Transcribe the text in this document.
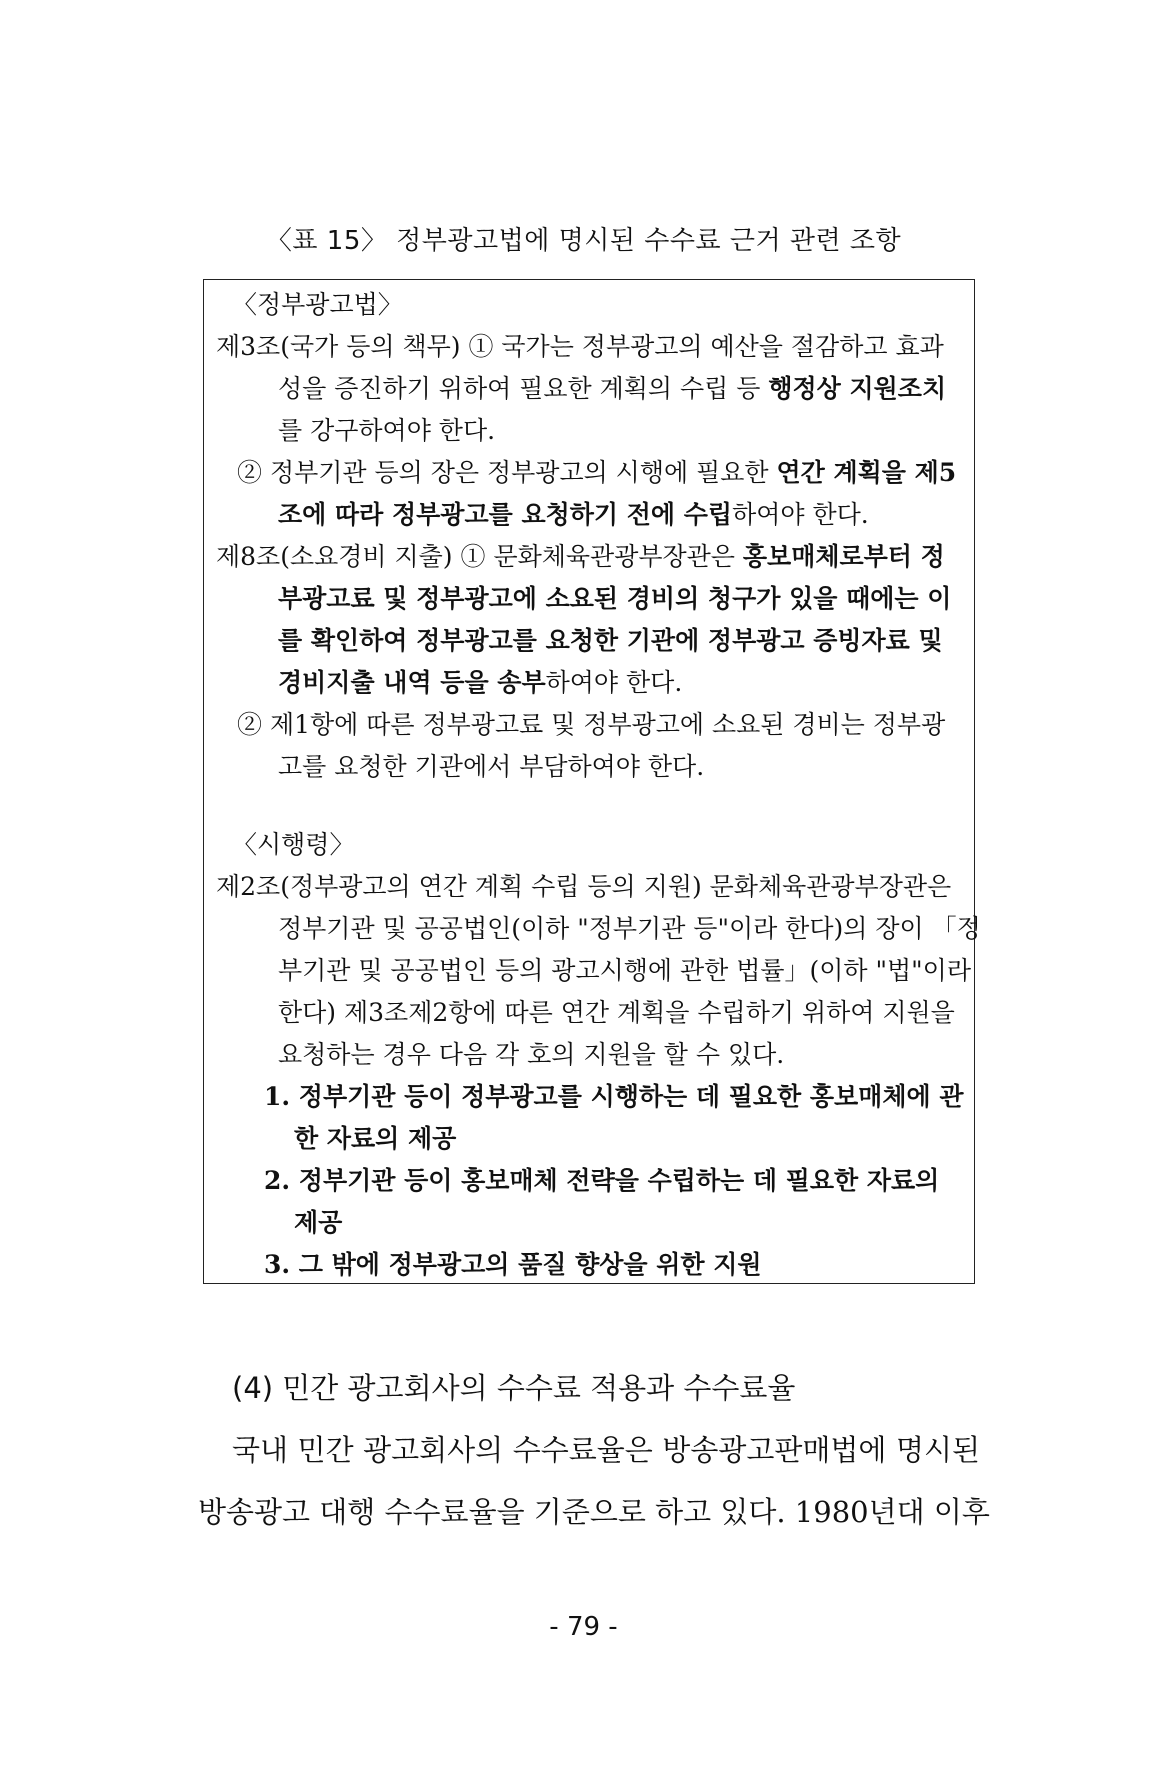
〈표 15〉 정부광고법에 명시된 수수료 근거 관련 조항
〈정부광고법〉
제3조(국가 등의 책무) ① 국가는 정부광고의 예산을 절감하고 효과
성을 증진하기 위하여 필요한 계획의 수립 등 행정상 지원조치
를 강구하여야 한다.
② 정부기관 등의 장은 정부광고의 시행에 필요한 연간 계획을 제5
조에 따라 정부광고를 요청하기 전에 수립하여야 한다.
제8조(소요경비 지출) ① 문화체육관광부장관은 홍보매체로부터 정
부광고료 및 정부광고에 소요된 경비의 청구가 있을 때에는 이
를 확인하여 정부광고를 요청한 기관에 정부광고 증빙자료 및
경비지출 내역 등을 송부하여야 한다.
② 제1항에 따른 정부광고료 및 정부광고에 소요된 경비는 정부광
고를 요청한 기관에서 부담하여야 한다.
〈시행령〉
제2조(정부광고의 연간 계획 수립 등의 지원) 문화체육관광부장관은
정부기관 및 공공법인(이하 "정부기관 등"이라 한다)의 장이 「정
부기관 및 공공법인 등의 광고시행에 관한 법률」(이하 "법"이라
한다) 제3조제2항에 따른 연간 계획을 수립하기 위하여 지원을
요청하는 경우 다음 각 호의 지원을 할 수 있다.
1. 정부기관 등이 정부광고를 시행하는 데 필요한 홍보매체에 관
한 자료의 제공
2. 정부기관 등이 홍보매체 전략을 수립하는 데 필요한 자료의
제공
3. 그 밖에 정부광고의 품질 향상을 위한 지원
(4) 민간 광고회사의 수수료 적용과 수수료율
국내 민간 광고회사의 수수료율은 방송광고판매법에 명시된
방송광고 대행 수수료율을 기준으로 하고 있다. 1980년대 이후
- 79 -
